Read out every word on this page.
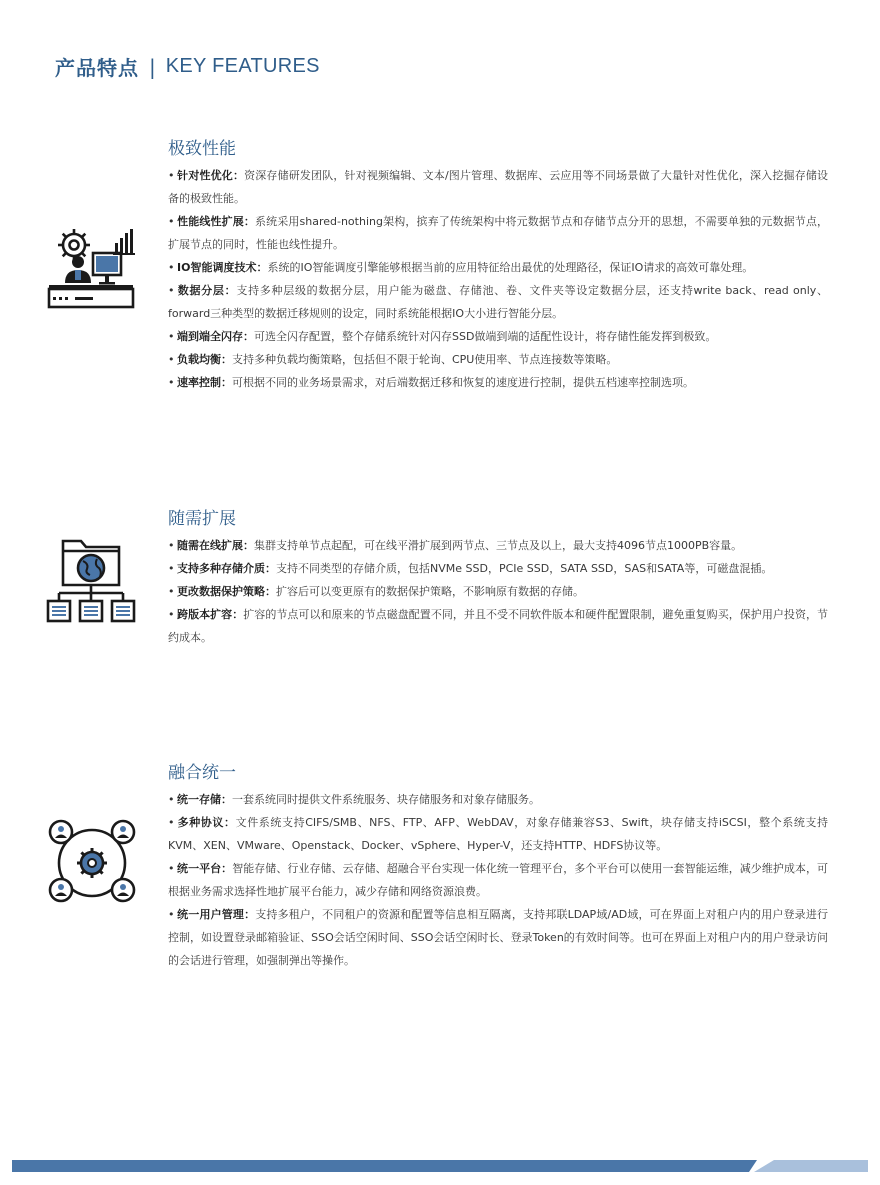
产品特点 | KEY FEATURES
极致性能
• 针对性优化：资深存储研发团队，针对视频编辑、文本/图片管理、数据库、云应用等不同场景做了大量针对性优化，深入挖掘存储设备的极致性能。
• 性能线性扩展：系统采用shared-nothing架构，摈弃了传统架构中将元数据节点和存储节点分开的思想，不需要单独的元数据节点，扩展节点的同时，性能也线性提升。
• IO智能调度技术：系统的IO智能调度引擎能够根据当前的应用特征给出最优的处理路径，保证IO请求的高效可靠处理。
• 数据分层：支持多种层级的数据分层，用户能为磁盘、存储池、卷、文件夹等设定数据分层，还支持write back、read only、forward三种类型的数据迁移规则的设定，同时系统能根据IO大小进行智能分层。
• 端到端全闪存：可选全闪存配置，整个存储系统针对闪存SSD做端到端的适配性设计，将存储性能发挥到极致。
• 负载均衡：支持多种负载均衡策略，包括但不限于轮询、CPU使用率、节点连接数等策略。
• 速率控制：可根据不同的业务场景需求，对后端数据迁移和恢复的速度进行控制，提供五档速率控制选项。
随需扩展
• 随需在线扩展：集群支持单节点起配，可在线平滑扩展到两节点、三节点及以上，最大支持4096节点1000PB容量。
• 支持多种存储介质：支持不同类型的存储介质，包括NVMe SSD，PCIe SSD，SATA SSD，SAS和SATA等，可磁盘混插。
• 更改数据保护策略：扩容后可以变更原有的数据保护策略，不影响原有数据的存储。
• 跨版本扩容：扩容的节点可以和原来的节点磁盘配置不同，并且不受不同软件版本和硬件配置限制，避免重复购买，保护用户投资，节约成本。
融合统一
• 统一存储：一套系统同时提供文件系统服务、块存储服务和对象存储服务。
• 多种协议：文件系统支持CIFS/SMB、NFS、FTP、AFP、WebDAV，对象存储兼容S3、Swift，块存储支持iSCSI，整个系统支持KVM、XEN、VMware、Openstack、Docker、vSphere、Hyper-V，还支持HTTP、HDFS协议等。
• 统一平台：智能存储、行业存储、云存储、超融合平台实现一体化统一管理平台，多个平台可以使用一套智能运维，减少维护成本，可根据业务需求选择性地扩展平台能力，减少存储和网络资源浪费。
• 统一用户管理：支持多租户，不同租户的资源和配置等信息相互隔离，支持邦联LDAP域/AD域，可在界面上对租户内的用户登录进行控制，如设置登录邮箱验证、SSO会话空闲时间、SSO会话空闲时长、登录Token的有效时间等。也可在界面上对租户内的用户登录访问的会话进行管理，如强制弹出等操作。
